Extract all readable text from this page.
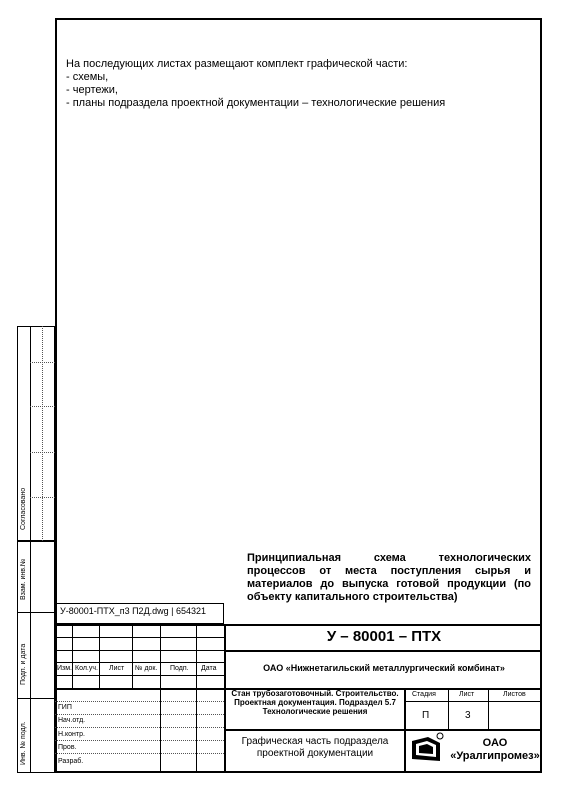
На последующих листах размещают комплект графической части:
- схемы,
- чертежи,
- планы подраздела проектной документации – технологические решения
Согласовано
Взам. инв.№
Подп. и дата
Инв. № подл.
Принципиальная схема технологических процессов от места поступления сырья и материалов до выпуска готовой продукции (по объекту капитального строительства)
У-80001-ПТХ_п3 П2Д.dwg | 654321
Изм. Кол.уч. Лист № док. Подп. Дата
ГИП
Нач.отд.
Н.контр.
Пров.
Разраб.
У – 80001 – ПТХ
ОАО «Нижнетагильский металлургический комбинат»
Стан трубозаготовочный. Строительство.
Проектная документация. Подраздел 5.7
Технологические решения
Стадия	Лист	Листов
П	3
Графическая часть подраздела
проектной документации
ОАО
«Уралгипромез»
